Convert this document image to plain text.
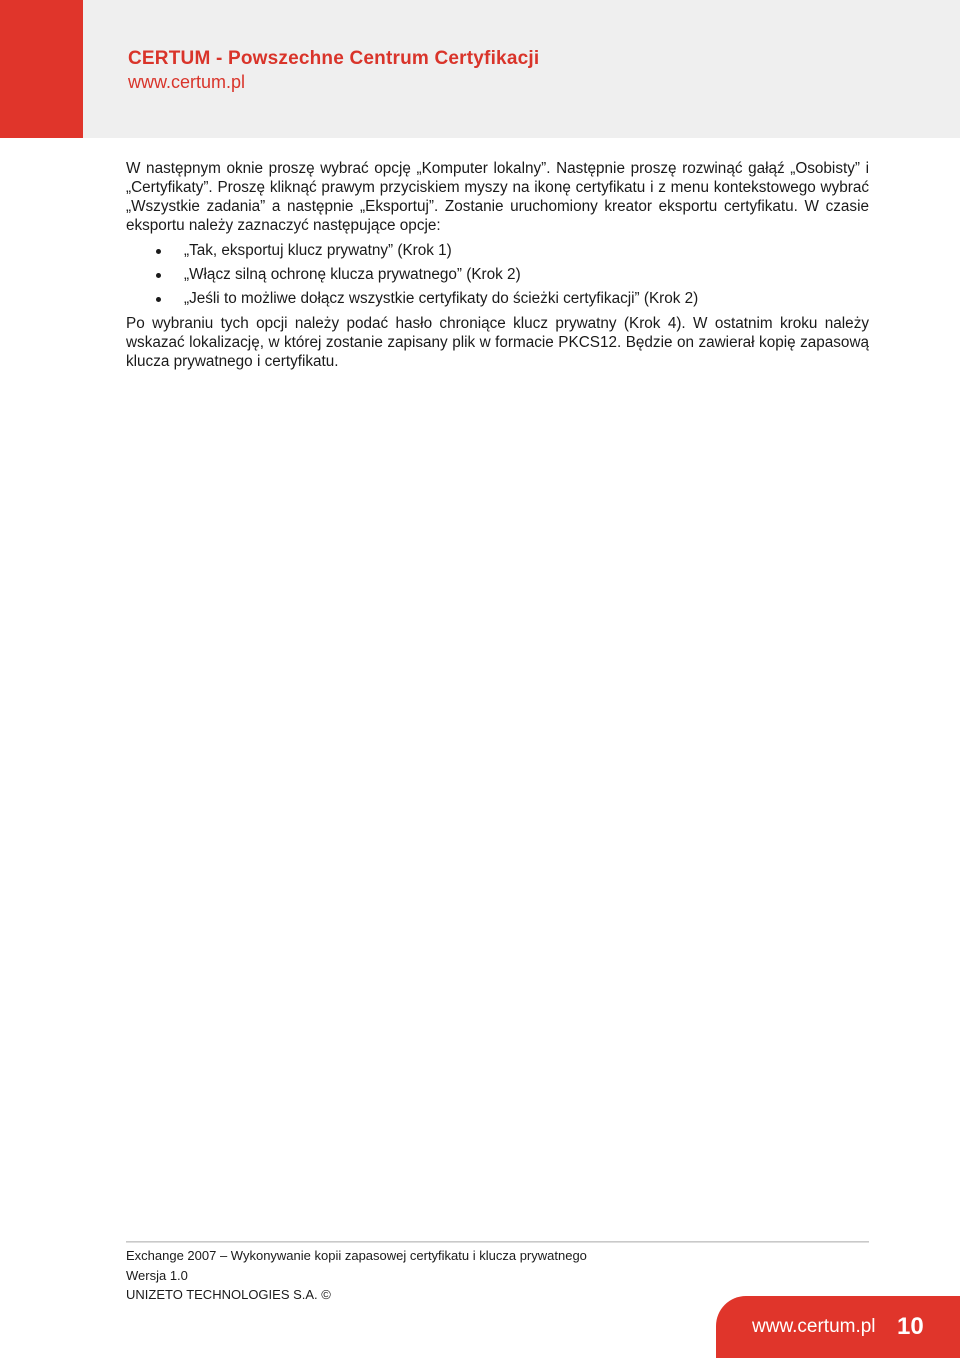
CERTUM - Powszechne Centrum Certyfikacji
www.certum.pl

W następnym oknie proszę wybrać opcję „Komputer lokalny”. Następnie proszę rozwinąć gałąź „Osobisty” i „Certyfikaty”. Proszę kliknąć prawym przyciskiem myszy na ikonę certyfikatu i z menu kontekstowego wybrać „Wszystkie zadania” a następnie „Eksportuj”. Zostanie uruchomiony kreator eksportu certyfikatu. W czasie eksportu należy zaznaczyć następujące opcje:

„Tak, eksportuj klucz prywatny” (Krok 1)
„Włącz silną ochronę klucza prywatnego” (Krok 2)
„Jeśli to możliwe dołącz wszystkie certyfikaty do ścieżki certyfikacji” (Krok 2)

Po wybraniu tych opcji należy podać hasło chroniące klucz prywatny (Krok 4). W ostatnim kroku należy wskazać lokalizację, w której zostanie zapisany plik w formacie PKCS12. Będzie on zawierał kopię zapasową klucza prywatnego i certyfikatu.

Exchange 2007 – Wykonywanie kopii zapasowej certyfikatu i klucza prywatnego
Wersja 1.0
UNIZETO TECHNOLOGIES S.A. ©
www.certum.pl 10
